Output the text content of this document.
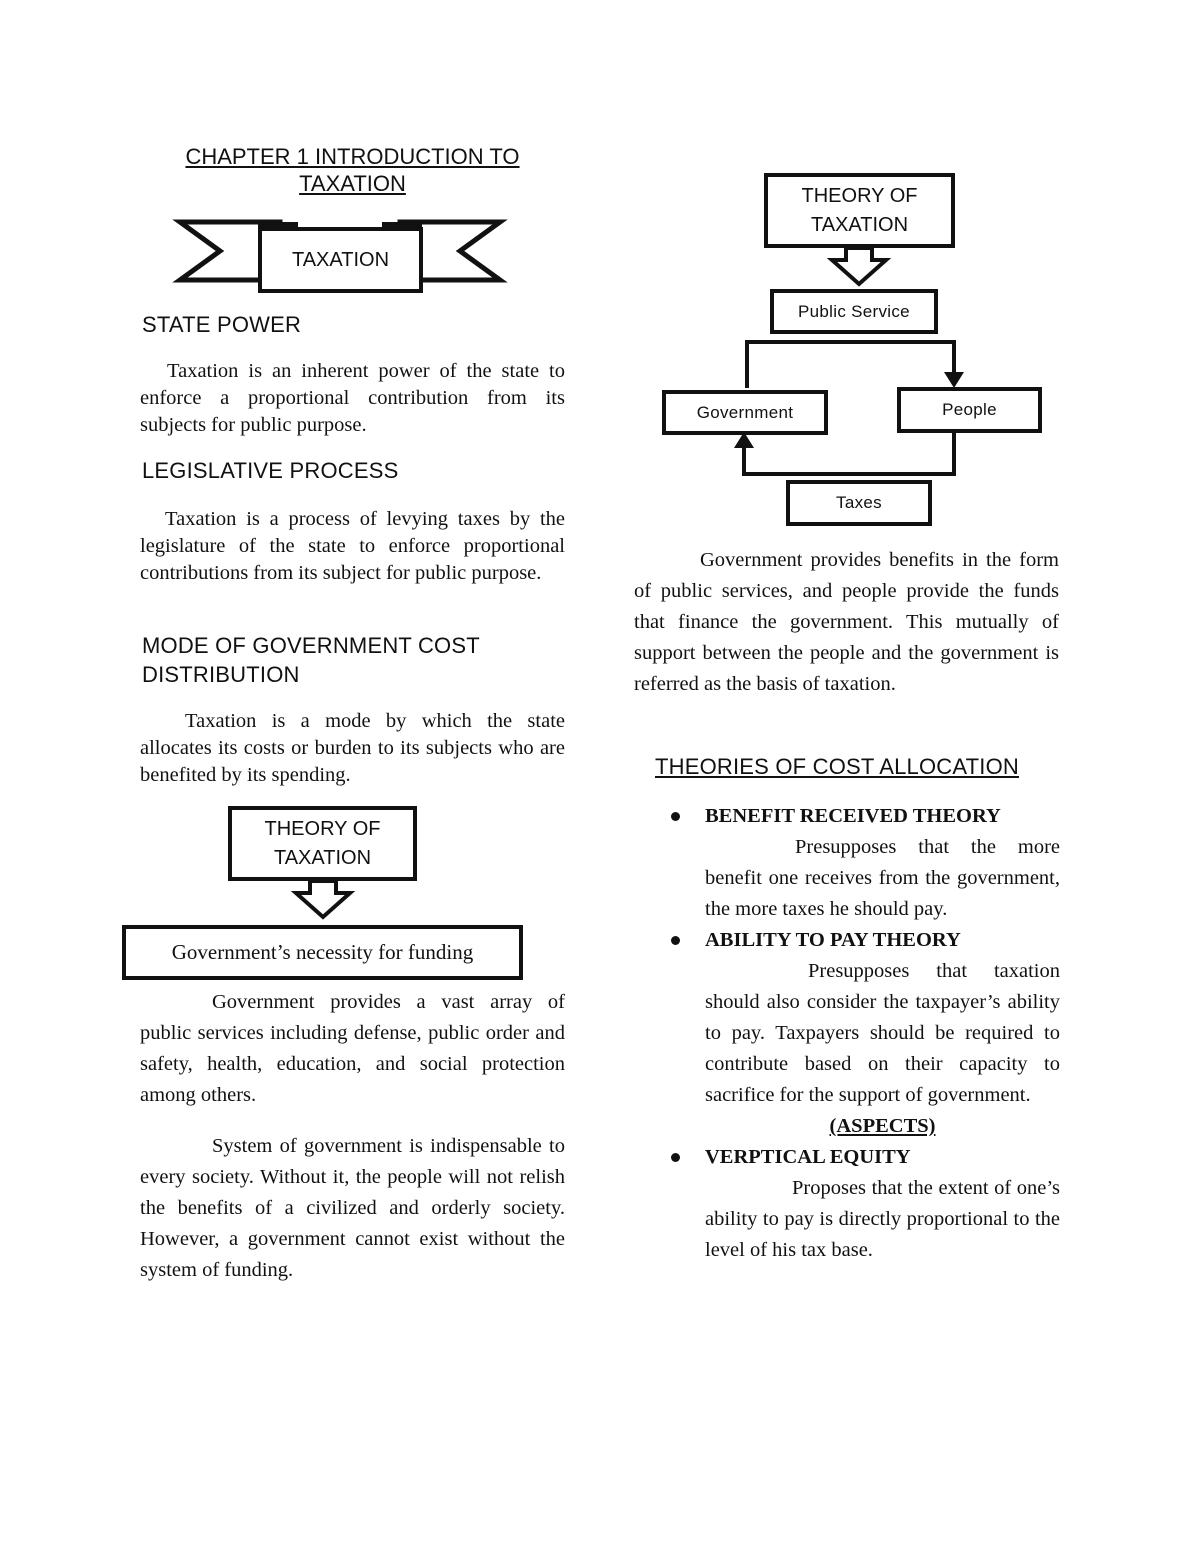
CHAPTER 1 INTRODUCTION TO
TAXATION
TAXATION
STATE POWER

Taxation is an inherent power of the state to enforce a proportional contribution from its subjects for public purpose.

LEGISLATIVE PROCESS

Taxation is a process of levying taxes by the legislature of the state to enforce proportional contributions from its subject for public purpose.

MODE OF GOVERNMENT COST
DISTRIBUTION

Taxation is a mode by which the state allocates its costs or burden to its subjects who are benefited by its spending.

THEORY OF
TAXATION
Government’s necessity for funding

Government provides a vast array of public services including defense, public order and safety, health, education, and social protection among others.

System of government is indispensable to every society. Without it, the people will not relish the benefits of a civilized and orderly society. However, a government cannot exist without the system of funding.

THEORY OF
TAXATION
Public Service
Government	People
Taxes

Government provides benefits in the form of public services, and people provide the funds that finance the government. This mutually of support between the people and the government is referred as the basis of taxation.

THEORIES OF COST ALLOCATION
BENEFIT RECEIVED THEORY
Presupposes that the more benefit one receives from the government, the more taxes he should pay.
ABILITY TO PAY THEORY
Presupposes that taxation should also consider the taxpayer’s ability to pay. Taxpayers should be required to contribute based on their capacity to sacrifice for the support of government.
(ASPECTS)
VERPTICAL EQUITY
Proposes that the extent of one’s ability to pay is directly proportional to the level of his tax base.
